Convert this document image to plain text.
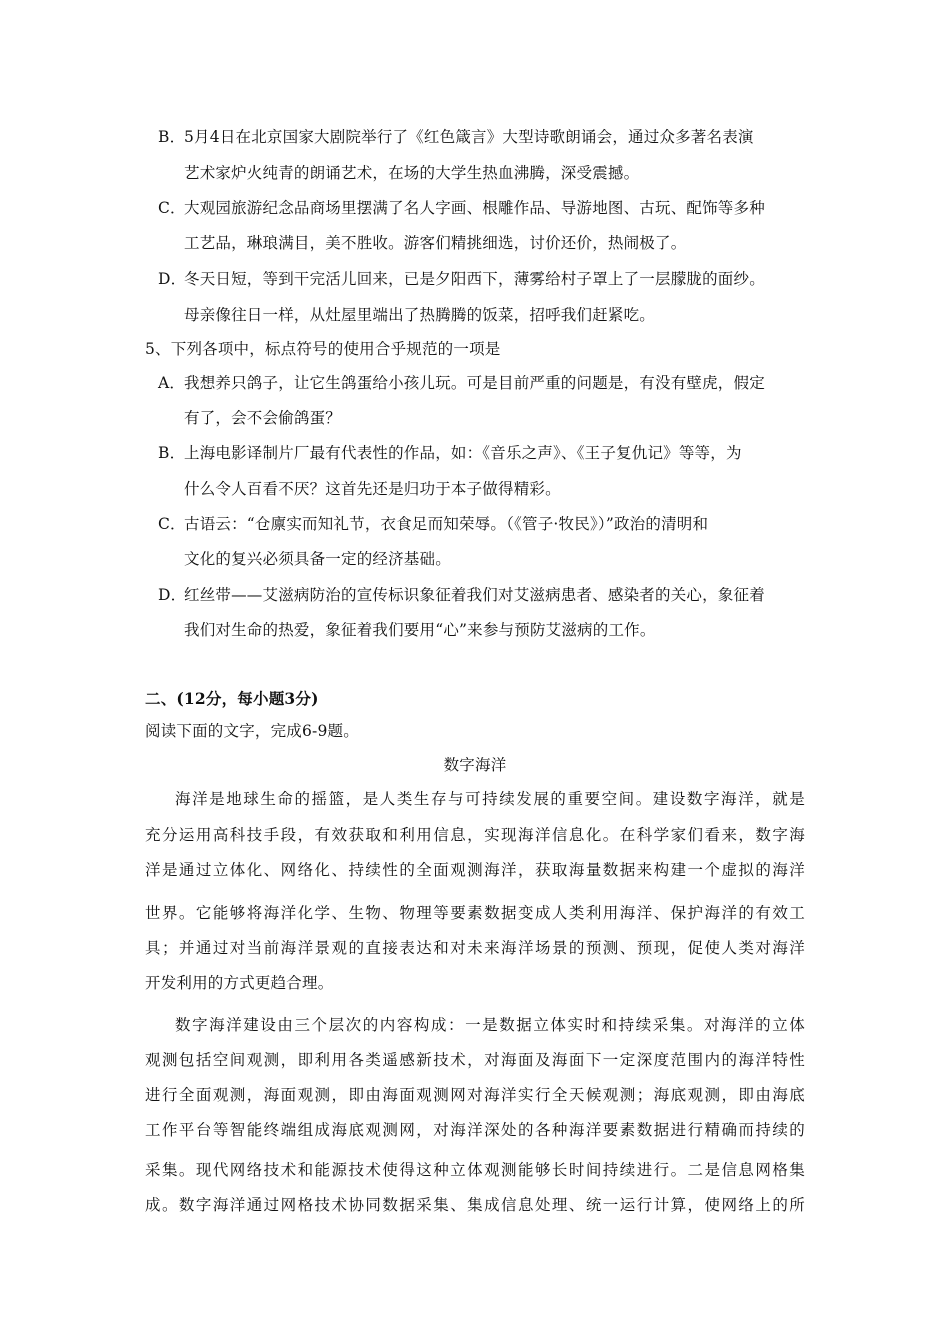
B．
5月4日在北京国家大剧院举行了《红色箴言》大型诗歌朗诵会，通过众多著名表演
艺术家炉火纯青的朗诵艺术，在场的大学生热血沸腾，深受震撼。
C．
大观园旅游纪念品商场里摆满了名人字画、根雕作品、导游地图、古玩、配饰等多种
工艺品，琳琅满目，美不胜收。游客们精挑细选，讨价还价，热闹极了。
D．
冬天日短，等到干完活儿回来，已是夕阳西下，薄雾给村子罩上了一层朦胧的面纱。
母亲像往日一样，从灶屋里端出了热腾腾的饭菜，招呼我们赶紧吃。
5、下列各项中，标点符号的使用合乎规范的一项是
A．
我想养只鸽子，让它生鸽蛋给小孩儿玩。可是目前严重的问题是，有没有壁虎，假定
有了，会不会偷鸽蛋？
B．
上海电影译制片厂最有代表性的作品，如：《音乐之声》、《王子复仇记》等等，为
什么令人百看不厌？这首先还是归功于本子做得精彩。
C．
古语云：“仓廪实而知礼节，衣食足而知荣辱。（《管子·牧民》）”政治的清明和
文化的复兴必须具备一定的经济基础。
D．
红丝带——艾滋病防治的宣传标识象征着我们对艾滋病患者、感染者的关心，象征着
我们对生命的热爱，象征着我们要用“心”来参与预防艾滋病的工作。
二、(12分，每小题3分)
阅读下面的文字，完成6-9题。
数字海洋
海洋是地球生命的摇篮，是人类生存与可持续发展的重要空间。建设数字海洋，就是
充分运用高科技手段，有效获取和利用信息，实现海洋信息化。在科学家们看来，数字海
洋是通过立体化、网络化、持续性的全面观测海洋，获取海量数据来构建一个虚拟的海洋
世界。它能够将海洋化学、生物、物理等要素数据变成人类利用海洋、保护海洋的有效工
具；并通过对当前海洋景观的直接表达和对未来海洋场景的预测、预现，促使人类对海洋
开发利用的方式更趋合理。
数字海洋建设由三个层次的内容构成：一是数据立体实时和持续采集。对海洋的立体
观测包括空间观测，即利用各类遥感新技术，对海面及海面下一定深度范围内的海洋特性
进行全面观测，海面观测，即由海面观测网对海洋实行全天候观测；海底观测，即由海底
工作平台等智能终端组成海底观测网，对海洋深处的各种海洋要素数据进行精确而持续的
采集。现代网络技术和能源技术使得这种立体观测能够长时间持续进行。二是信息网格集
成。数字海洋通过网格技术协同数据采集、集成信息处理、统一运行计算，使网络上的所
